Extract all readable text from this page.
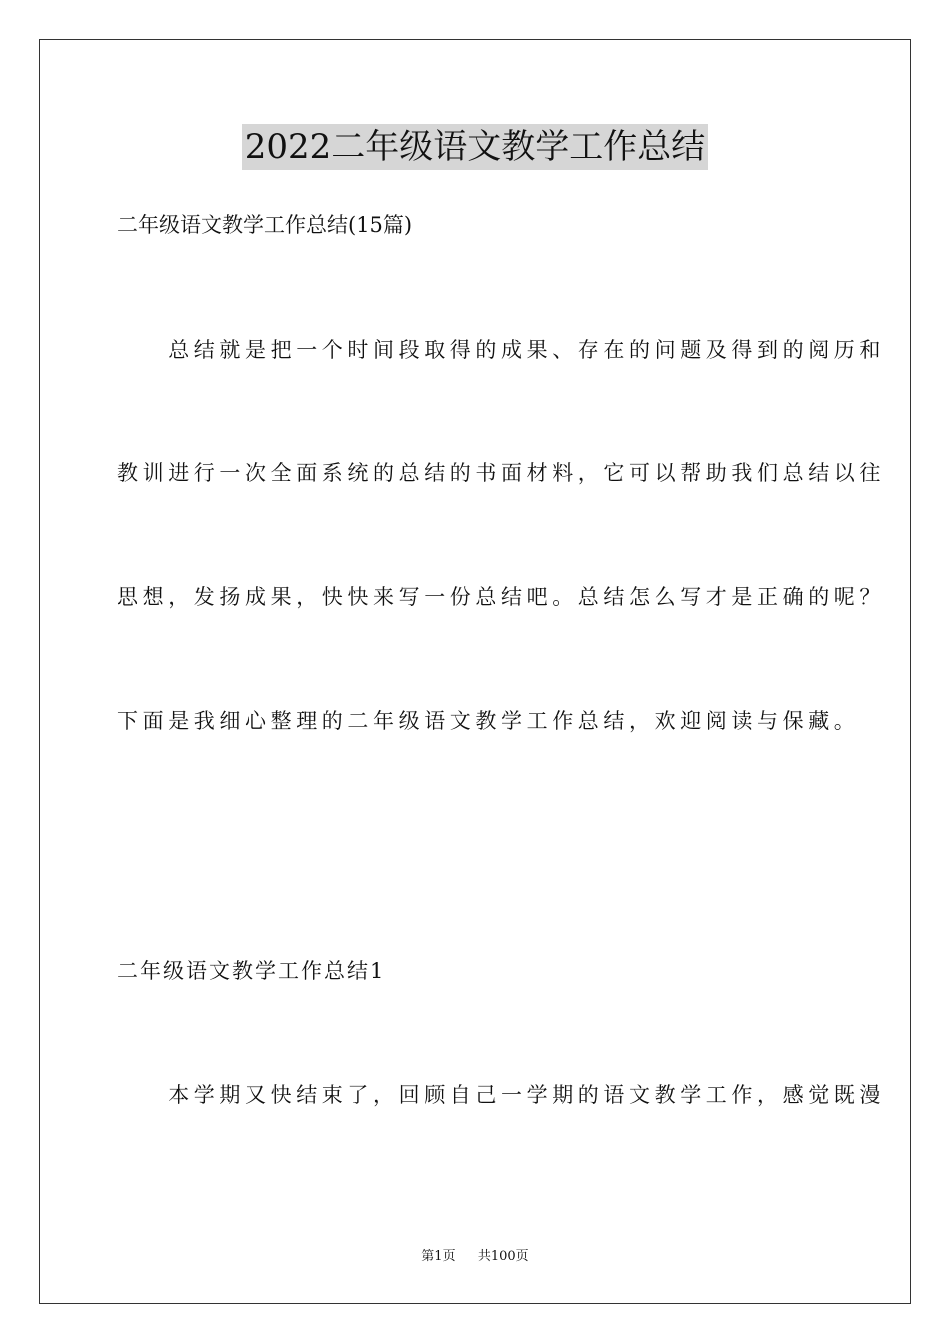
2022二年级语文教学工作总结
二年级语文教学工作总结(15篇)
　　总结就是把一个时间段取得的成果、存在的问题及得到的阅历和
教训进行一次全面系统的总结的书面材料，它可以帮助我们总结以往
思想，发扬成果，快快来写一份总结吧。总结怎么写才是正确的呢？
下面是我细心整理的二年级语文教学工作总结，欢迎阅读与保藏。
二年级语文教学工作总结1
　　本学期又快结束了，回顾自己一学期的语文教学工作，感觉既漫
第1页 共100页
